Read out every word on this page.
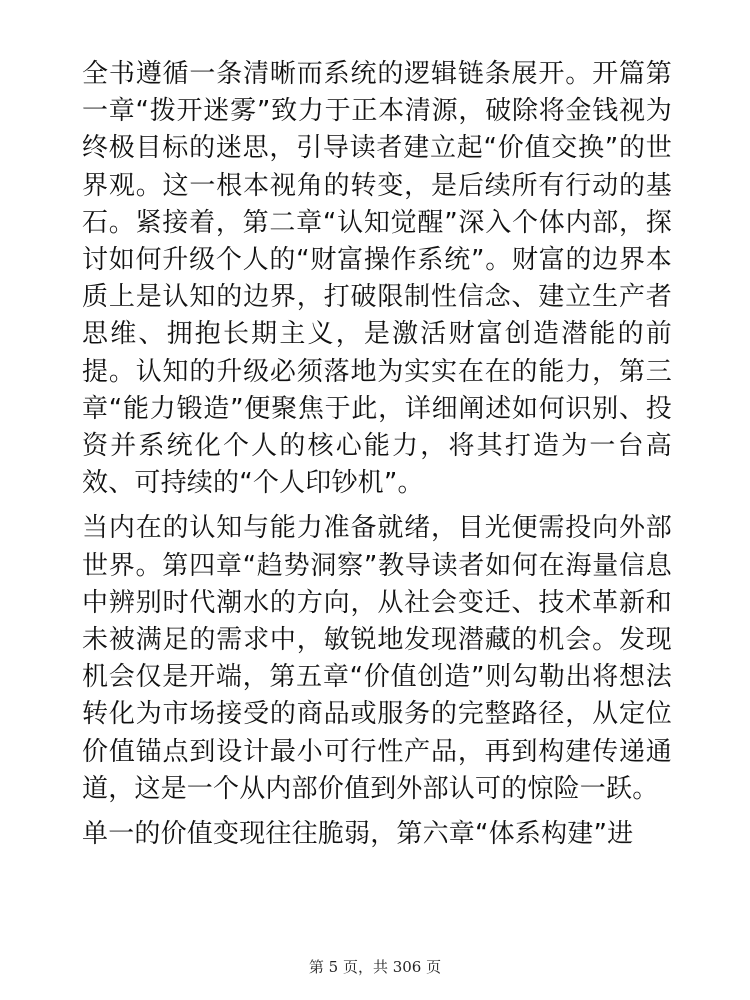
全书遵循一条清晰而系统的逻辑链条展开。开篇第一章“拨开迷雾”致力于正本清源，破除将金钱视为终极目标的迷思，引导读者建立起“价值交换”的世界观。这一根本视角的转变，是后续所有行动的基石。紧接着，第二章“认知觉醒”深入个体内部，探讨如何升级个人的“财富操作系统”。财富的边界本质上是认知的边界，打破限制性信念、建立生产者思维、拥抱长期主义，是激活财富创造潜能的前提。认知的升级必须落地为实实在在的能力，第三章“能力锻造”便聚焦于此，详细阐述如何识别、投资并系统化个人的核心能力，将其打造为一台高效、可持续的“个人印钞机”。

当内在的认知与能力准备就绪，目光便需投向外部世界。第四章“趋势洞察”教导读者如何在海量信息中辨别时代潮水的方向，从社会变迁、技术革新和未被满足的需求中，敏锐地发现潜藏的机会。发现机会仅是开端，第五章“价值创造”则勾勒出将想法转化为市场接受的商品或服务的完整路径，从定位价值锚点到设计最小可行性产品，再到构建传递通道，这是一个从内部价值到外部认可的惊险一跃。

单一的价值变现往往脆弱，第六章“体系构建”进

第 5 页，共 306 页
